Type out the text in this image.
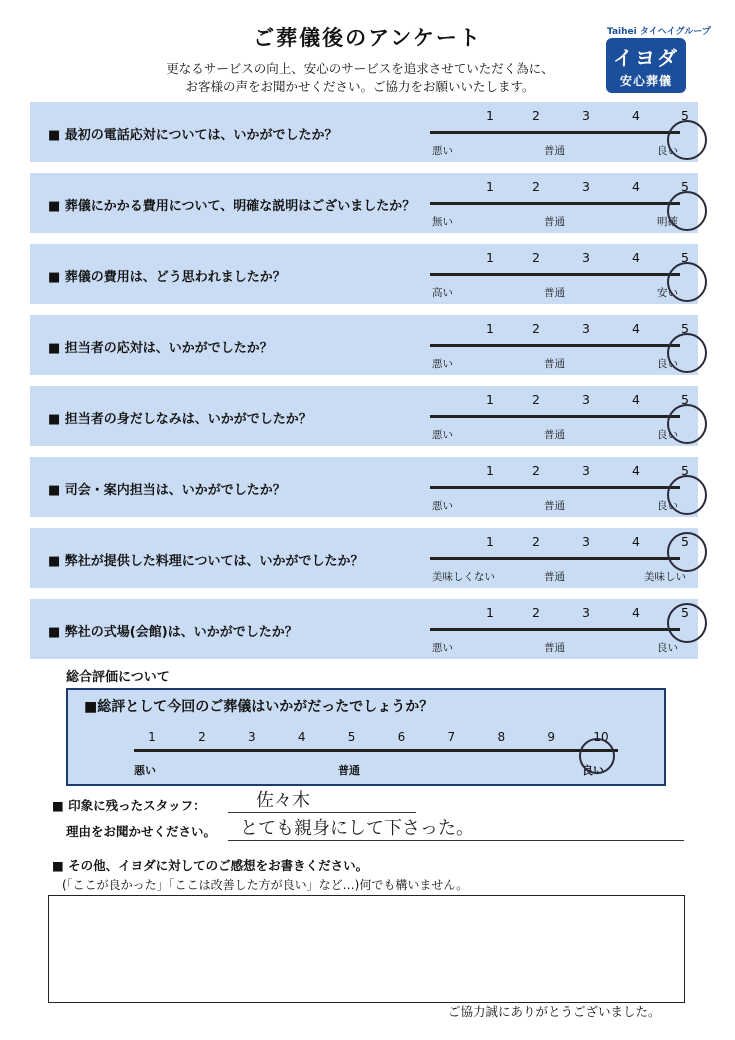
ご葬儀後のアンケート
更なるサービスの向上、安心のサービスを追求させていただく為に、
お客様の声をお聞かせください。ご協力をお願いいたします。
Taihei タイヘイグループ
イヨダ
安心葬儀
■ 最初の電話応対については、いかがでしたか？
1	2	3	4	5
悪い	普通	良い
■ 葬儀にかかる費用について、明確な説明はございましたか？
1	2	3	4	5
無い	普通	明確
■ 葬儀の費用は、どう思われましたか？
1	2	3	4	5
高い	普通	安い
■ 担当者の応対は、いかがでしたか？
1	2	3	4	5
悪い	普通	良い
■ 担当者の身だしなみは、いかがでしたか？
1	2	3	4	5
悪い	普通	良い
■ 司会・案内担当は、いかがでしたか？
1	2	3	4	5
悪い	普通	良い
■ 弊社が提供した料理については、いかがでしたか？
1	2	3	4	5
美味しくない	普通	美味しい
■ 弊社の式場(会館)は、いかがでしたか？
1	2	3	4	5
悪い	普通	良い
総合評価について
■総評として今回のご葬儀はいかがだったでしょうか？
悪い	普通	良い
1	2	3	4	5	6	7	8	9	10
■ 印象に残ったスタッフ：	佐々木
理由をお聞かせください。 とても親身にして下さった。
■ その他、イヨダに対してのご感想をお書きください。
(「ここが良かった」「ここは改善した方が良い」など…)何でも構いません。
ご協力誠にありがとうございました。
